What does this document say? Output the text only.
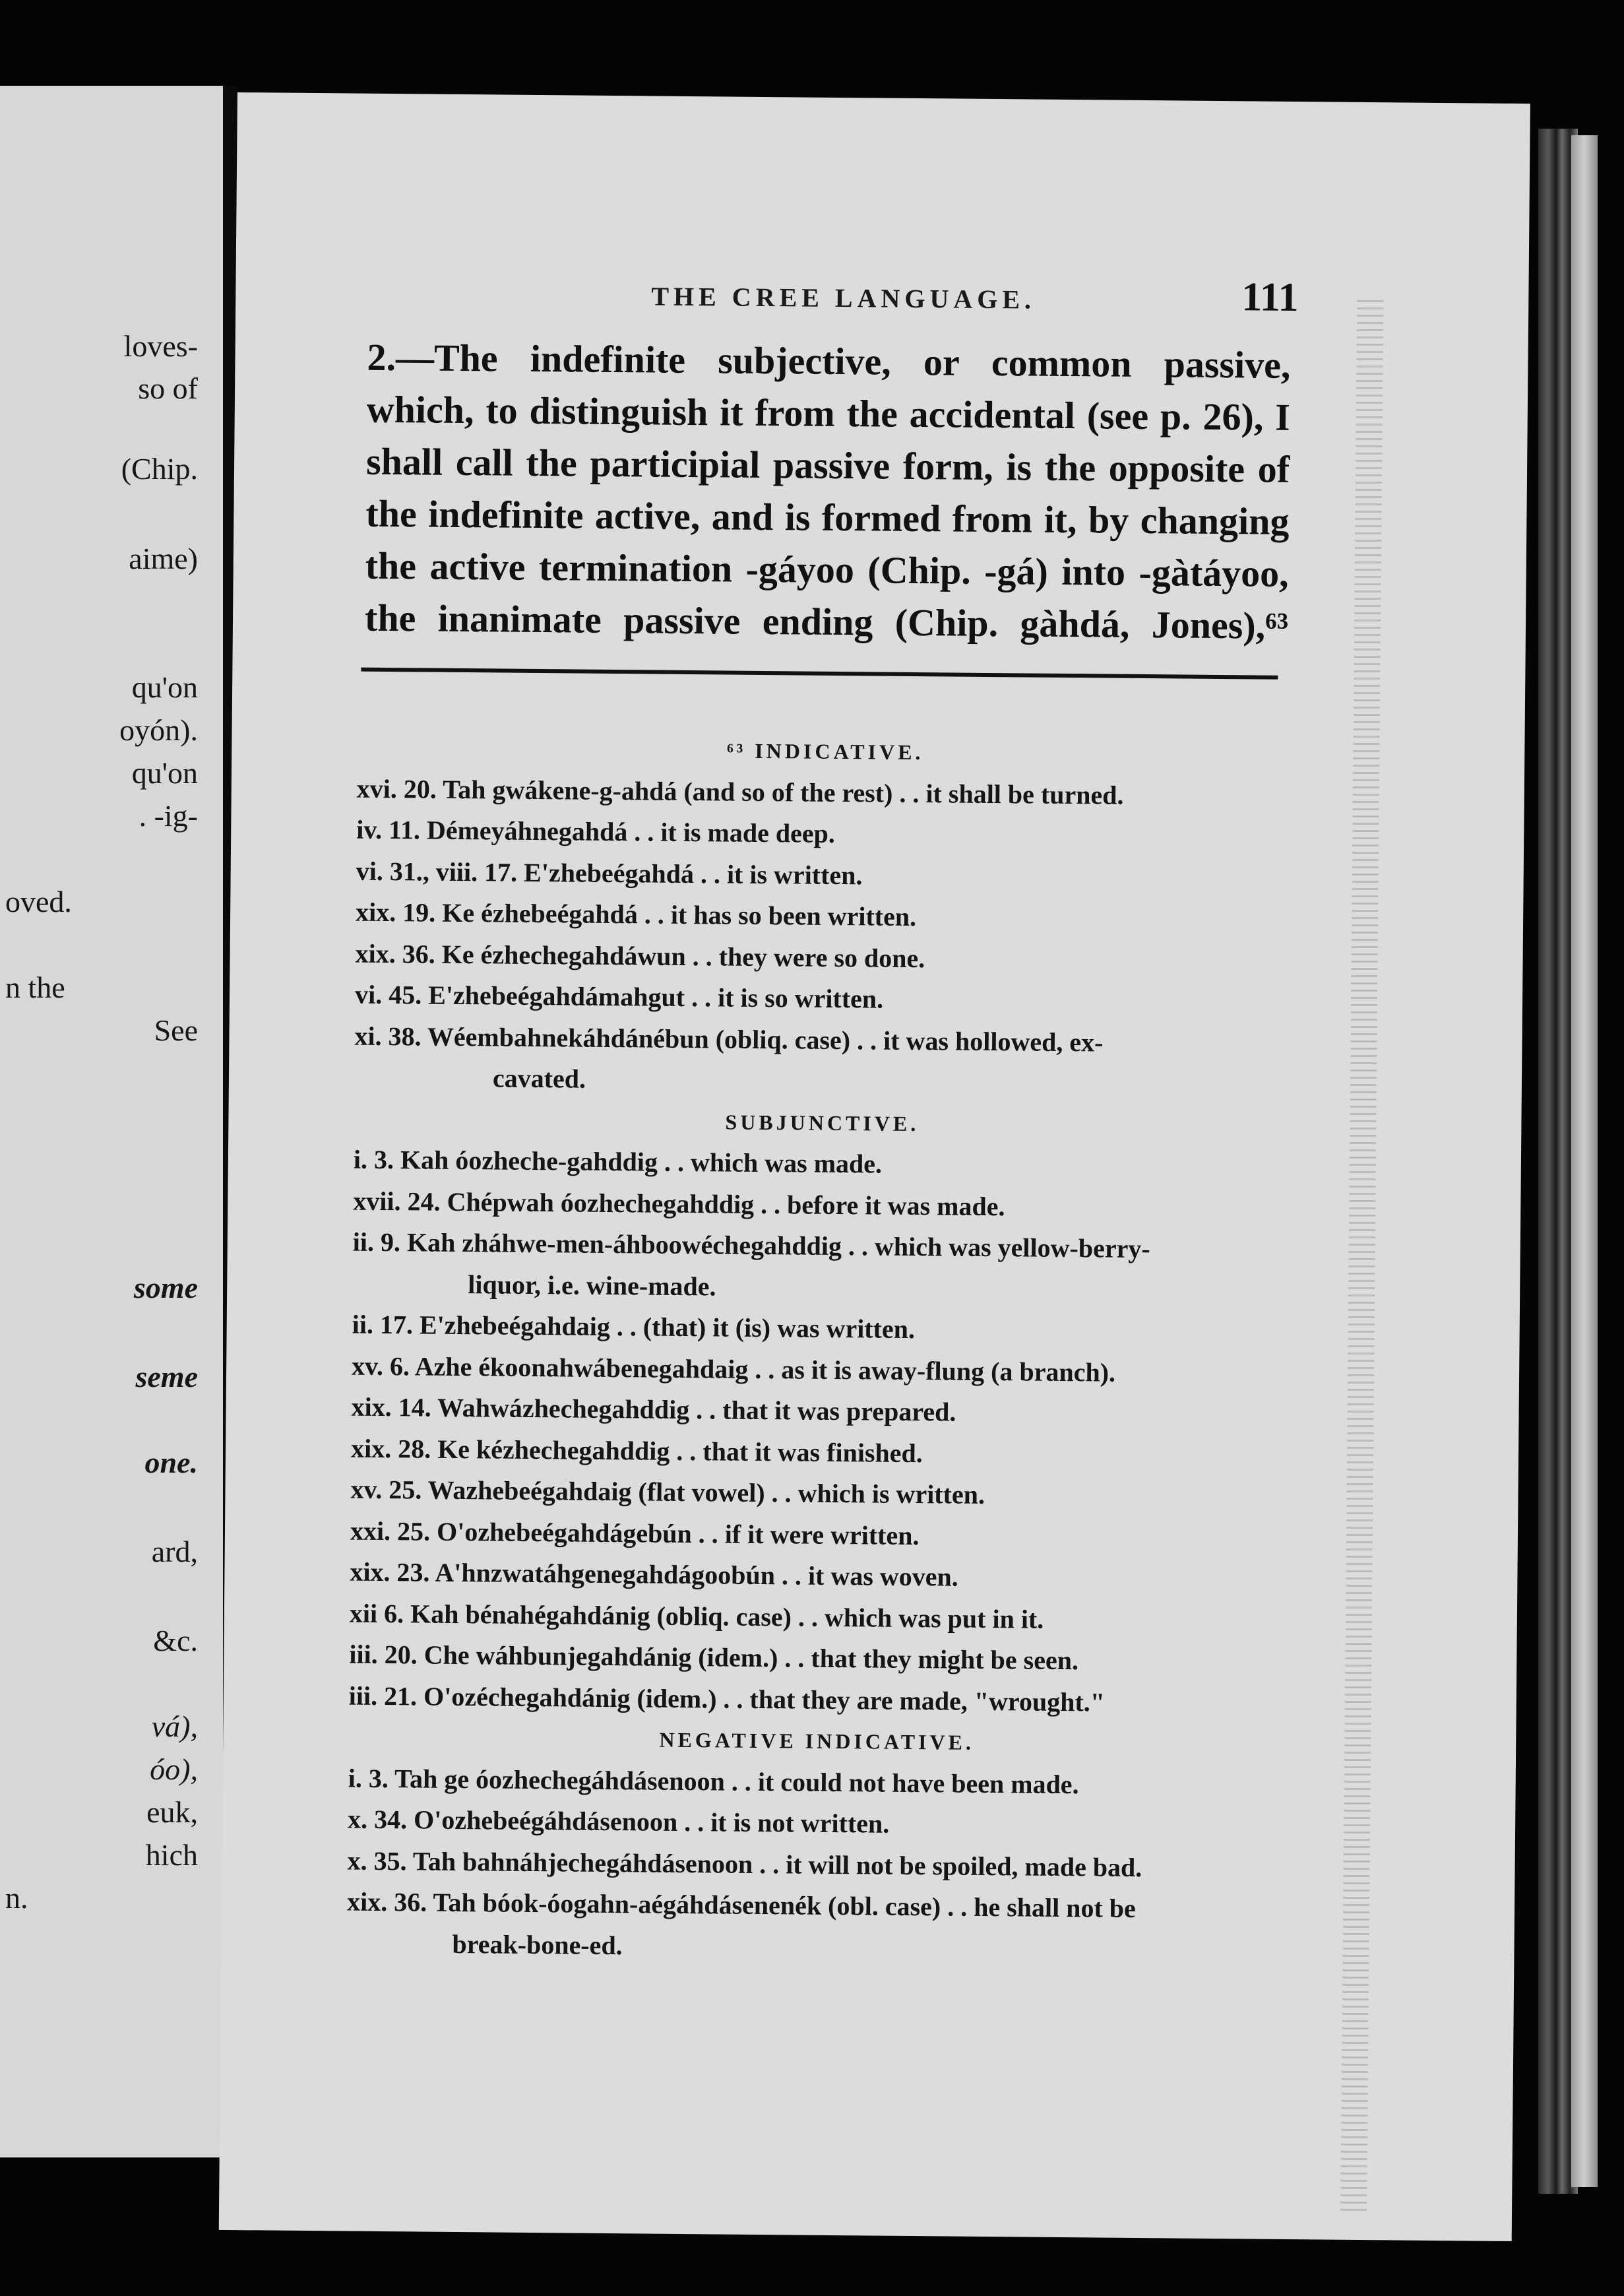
loves-
so of
(Chip.
aime)
qu'on
oyón).
qu'on
. -ig-
oved.
n the
See
some
seme
one.
ard,
&c.
vá),
óo),
euk,
hich
n.
THE CREE LANGUAGE.	111
2.—The indefinite subjective, or common passive,
which, to distinguish it from the accidental (see p. 26), I
shall call the participial passive form, is the opposite of
the indefinite active, and is formed from it, by changing
the active termination -gáyoo (Chip. -gá) into -gàtáyoo,
the inanimate passive ending (Chip. gàhdá, Jones),⁶³
⁶³ INDICATIVE.
xvi. 20. Tah gwákene-g-ahdá (and so of the rest) . . it shall be turned.
iv. 11. Démeyáhnegahdá . . it is made deep.
vi. 31., viii. 17. E'zhebeégahdá . . it is written.
xix. 19. Ke ézhebeégahdá . . it has so been written.
xix. 36. Ke ézhechegahdáwun . . they were so done.
vi. 45. E'zhebeégahdámahgut . . it is so written.
xi. 38. Wéembahnekáhdánébun (obliq. case) . . it was hollowed, ex-
cavated.
SUBJUNCTIVE.
i. 3. Kah óozheche-gahddig . . which was made.
xvii. 24. Chépwah óozhechegahddig . . before it was made.
ii. 9. Kah zháhwe-men-áhboowéchegahddig . . which was yellow-berry-
liquor, i.e. wine-made.
ii. 17. E'zhebeégahdaig . . (that) it (is) was written.
xv. 6. Azhe ékoonahwábenegahdaig . . as it is away-flung (a branch).
xix. 14. Wahwázhechegahddig . . that it was prepared.
xix. 28. Ke kézhechegahddig . . that it was finished.
xv. 25. Wazhebeégahdaig (flat vowel) . . which is written.
xxi. 25. O'ozhebeégahdágebún . . if it were written.
xix. 23. A'hnzwatáhgenegahdágoobún . . it was woven.
xii 6. Kah bénahégahdánig (obliq. case) . . which was put in it.
iii. 20. Che wáhbunjegahdánig (idem.) . . that they might be seen.
iii. 21. O'ozéchegahdánig (idem.) . . that they are made, "wrought."
NEGATIVE INDICATIVE.
i. 3. Tah ge óozhechegáhdásenoon . . it could not have been made.
x. 34. O'ozhebeégáhdásenoon . . it is not written.
x. 35. Tah bahnáhjechegáhdásenoon . . it will not be spoiled, made bad.
xix. 36. Tah bóok-óogahn-aégáhdásenenék (obl. case) . . he shall not be
break-bone-ed.
